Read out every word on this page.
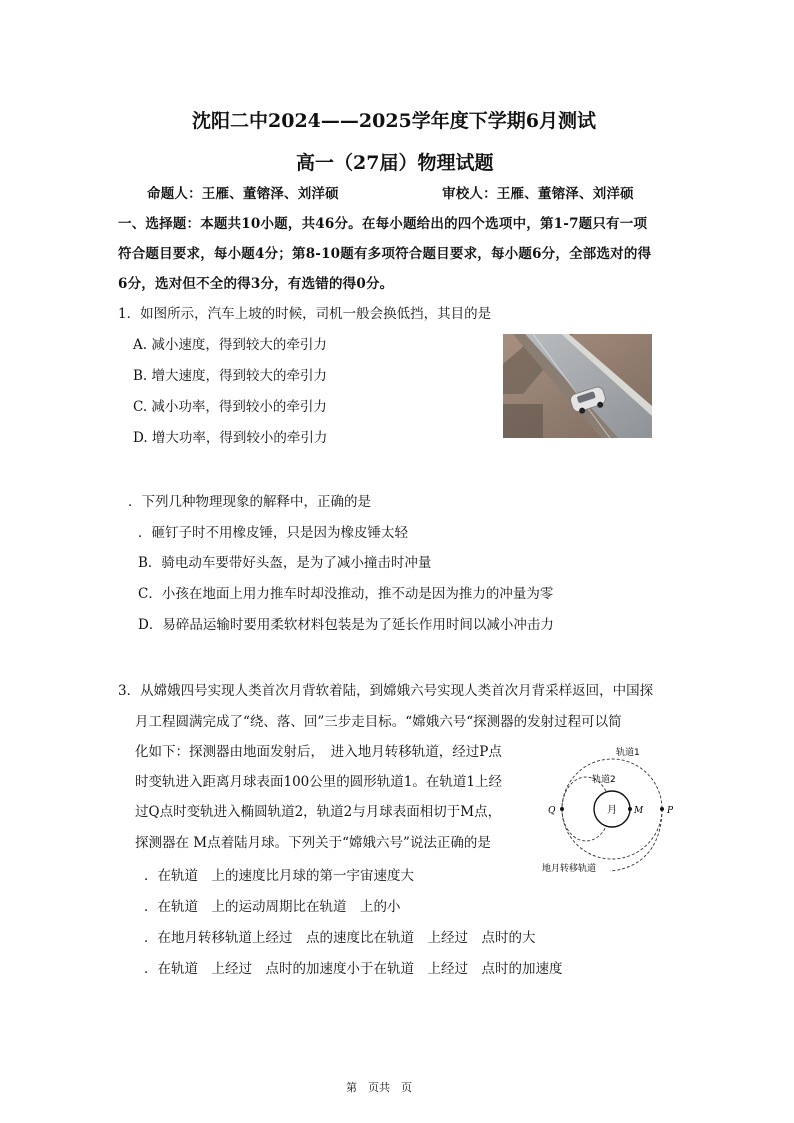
沈阳二中2024——2025学年度下学期6月测试
高一（27届）物理试题
命题人：王雁、董镕泽、刘洋硕	审校人：王雁、董镕泽、刘洋硕
一、选择题：本题共10小题，共46分。在每小题给出的四个选项中，第1-7题只有一项
符合题目要求，每小题4分；第8-10题有多项符合题目要求，每小题6分，全部选对的得
6分，选对但不全的得3分，有选错的得0分。
1．如图所示，汽车上坡的时候，司机一般会换低挡，其目的是
A. 减小速度，得到较大的牵引力
B. 增大速度，得到较大的牵引力
C. 减小功率，得到较小的牵引力
D. 增大功率，得到较小的牵引力
．下列几种物理现象的解释中，正确的是
．砸钉子时不用橡皮锤，只是因为橡皮锤太轻
B．骑电动车要带好头盔，是为了减小撞击时冲量
C．小孩在地面上用力推车时却没推动，推不动是因为推力的冲量为零
D．易碎品运输时要用柔软材料包装是为了延长作用时间以减小冲击力
3．从嫦娥四号实现人类首次月背软着陆，到嫦娥六号实现人类首次月背采样返回，中国探
月工程圆满完成了“绕、落、回”三步走目标。“嫦娥六号“探测器的发射过程可以简
化如下：探测器由地面发射后，　进入地月转移轨道，经过P点
时变轨进入距离月球表面100公里的圆形轨道1。在轨道1上经
过Q点时变轨进入椭圆轨道2，轨道2与月球表面相切于M点，
探测器在 M点着陆月球。下列关于“嫦娥六号”说法正确的是
．在轨道　上的速度比月球的第一宇宙速度大
．在轨道　上的运动周期比在轨道　上的小
．在地月转移轨道上经过　点的速度比在轨道　上经过　点时的大
．在轨道　上经过　点时的加速度小于在轨道　上经过　点时的加速度
轨道1
轨道2
月
Q	M	P
地月转移轨道
第　页共　页
